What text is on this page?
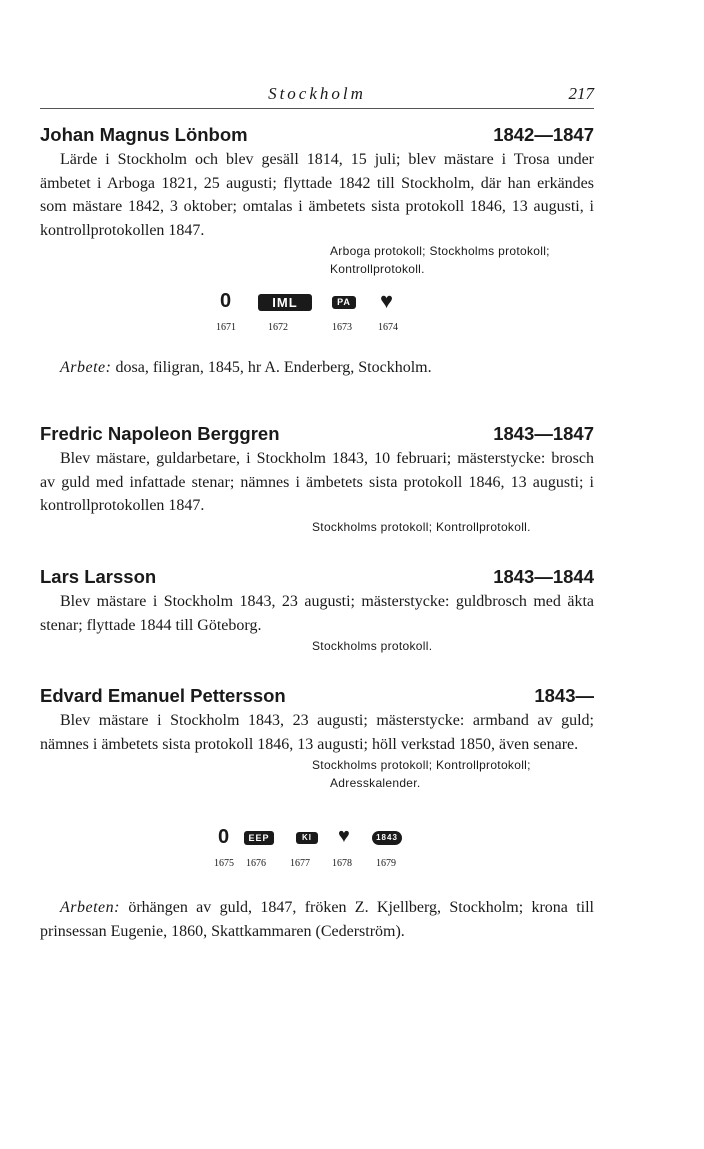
Stockholm	217
Johan Magnus Lönbom	1842—1847
Lärde i Stockholm och blev gesäll 1814, 15 juli; blev mästare i Trosa under ämbetet i Arboga 1821, 25 augusti; flyttade 1842 till Stockholm, där han erkändes som mästare 1842, 3 oktober; omtalas i ämbetets sista protokoll 1846, 13 augusti, i kontrollprotokollen 1847.
Arboga protokoll; Stockholms protokoll;
Kontrollprotokoll.
0	IML	PA ♥
1671	1672	1673	1674
Arbete: dosa, filigran, 1845, hr A. Enderberg, Stockholm.
Fredric Napoleon Berggren	1843—1847
Blev mästare, guldarbetare, i Stockholm 1843, 10 februari; mästerstycke: brosch av guld med infattade stenar; nämnes i ämbetets sista protokoll 1846, 13 augusti; i kontrollprotokollen 1847.
Stockholms protokoll; Kontrollprotokoll.
Lars Larsson	1843—1844
Blev mästare i Stockholm 1843, 23 augusti; mästerstycke: guldbrosch med äkta stenar; flyttade 1844 till Göteborg.
Stockholms protokoll.
Edvard Emanuel Pettersson	1843—
Blev mästare i Stockholm 1843, 23 augusti; mästerstycke: armband av guld; nämnes i ämbetets sista protokoll 1846, 13 augusti; höll verkstad 1850, även senare.
Stockholms protokoll; Kontrollprotokoll;
Adresskalender.
0	EEP	KI	♥	1843
1675 1676 1677 1678 1679
Arbeten: örhängen av guld, 1847, fröken Z. Kjellberg, Stockholm; krona till prinsessan Eugenie, 1860, Skattkammaren (Cederström).
